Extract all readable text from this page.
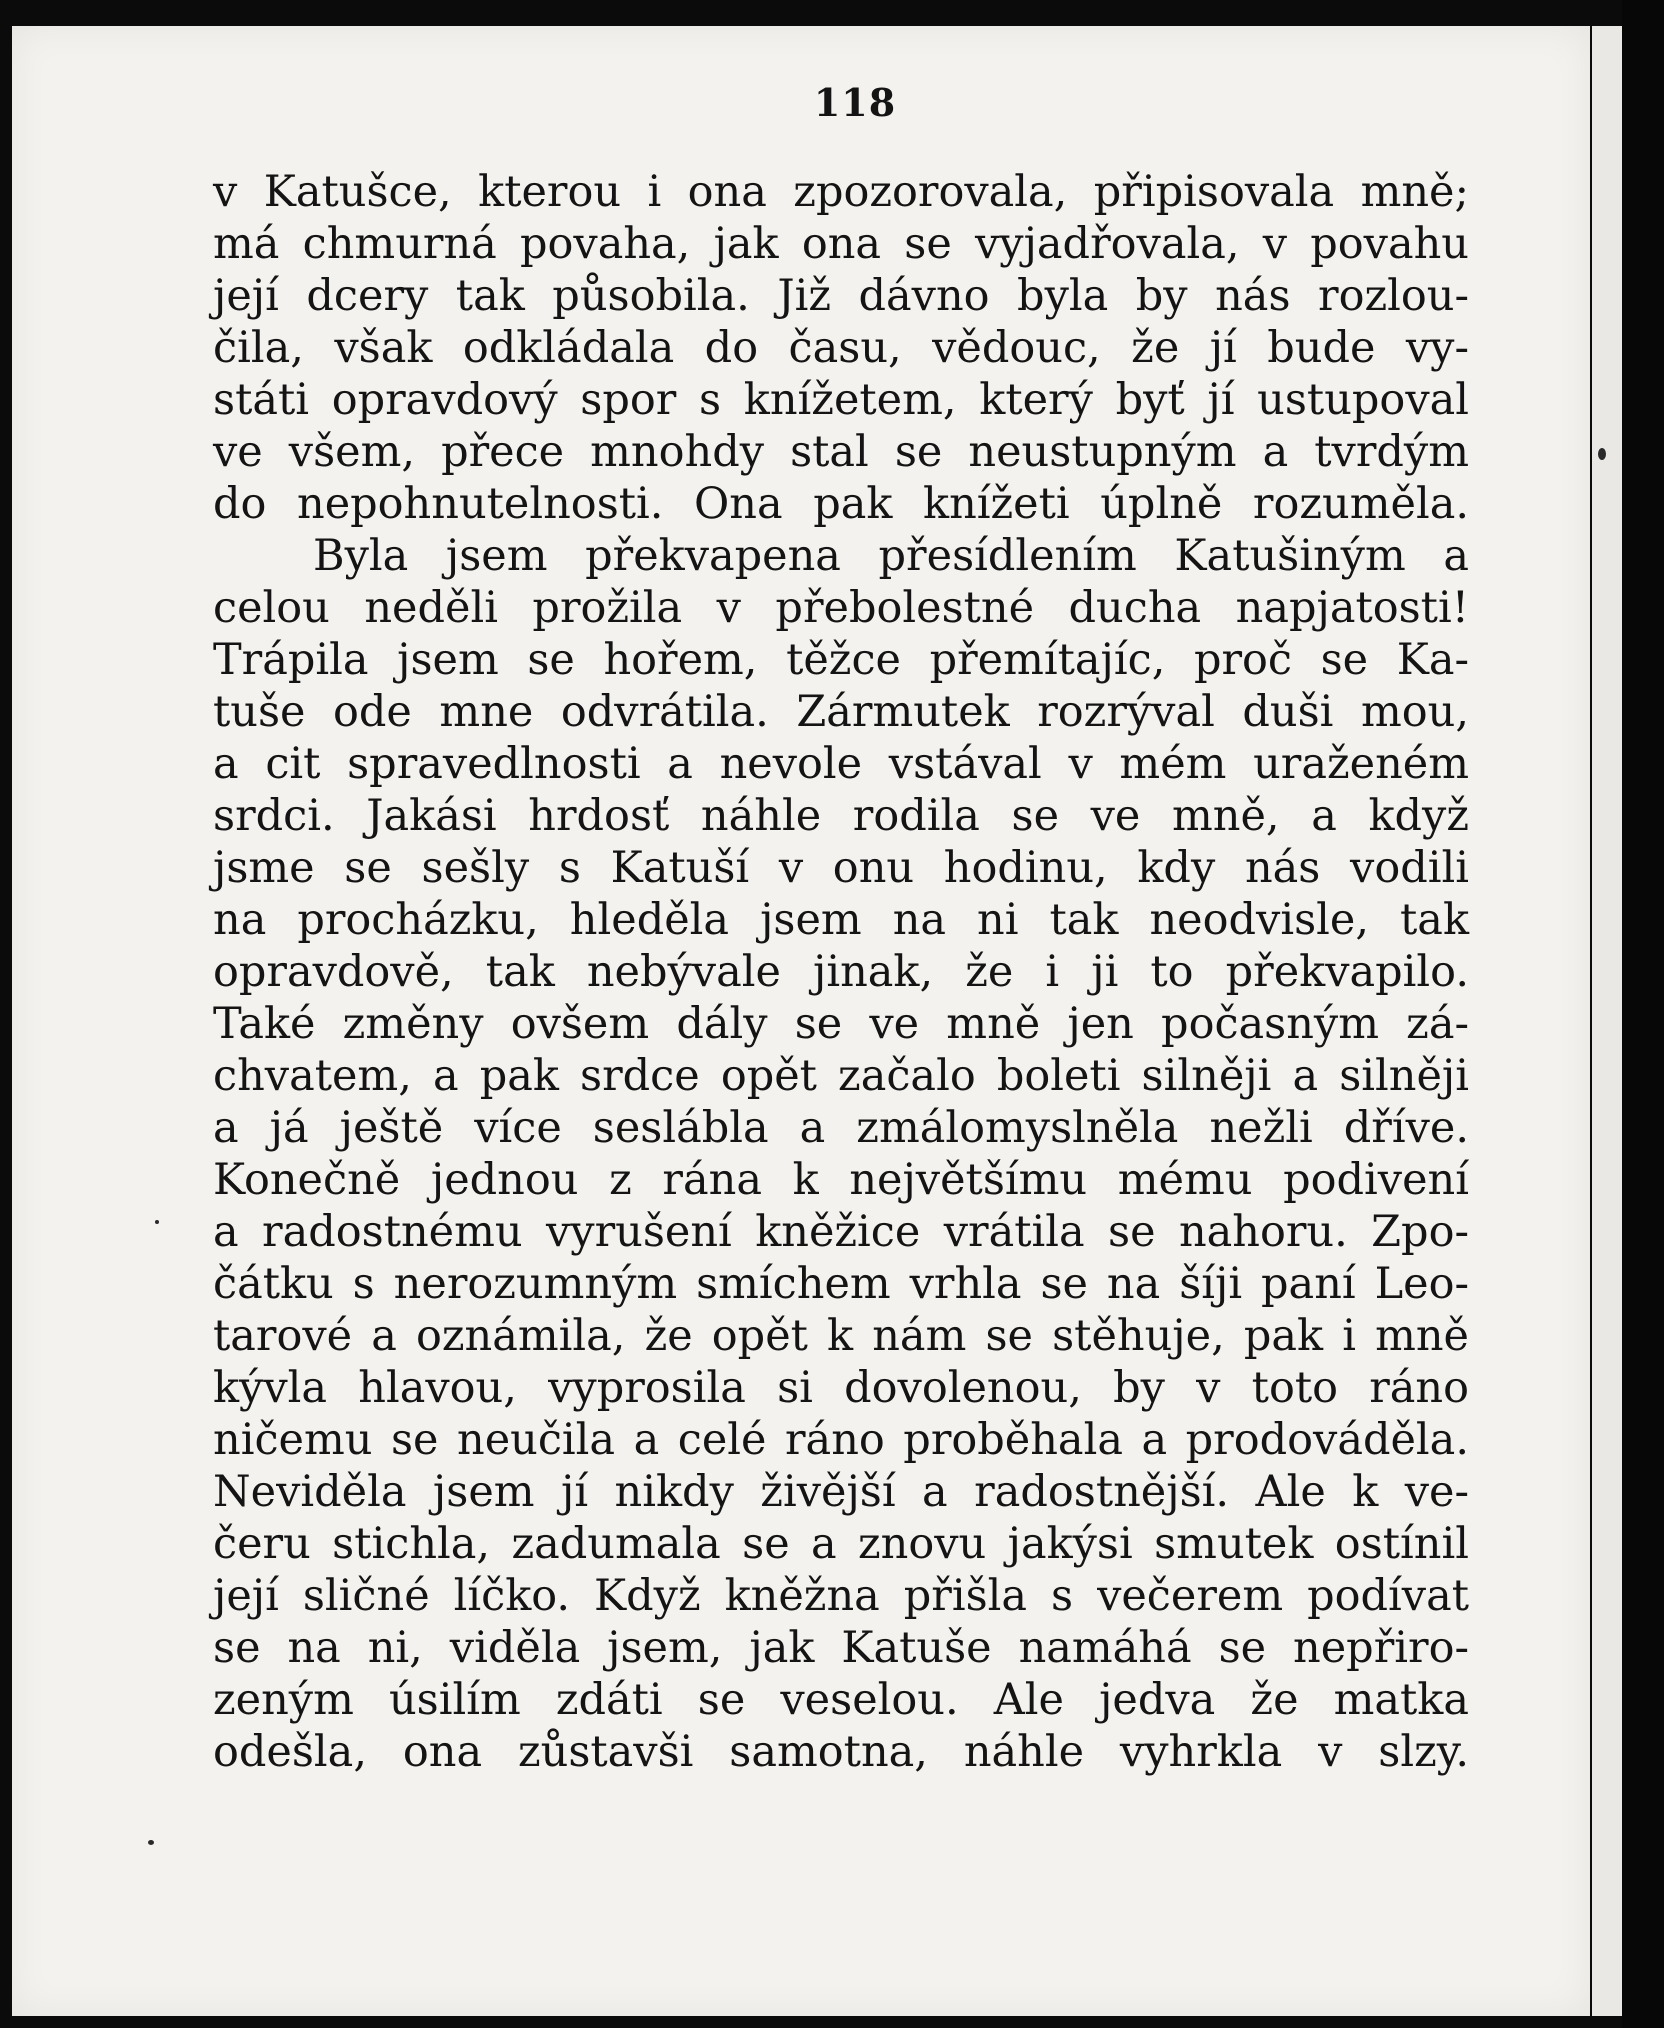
118
v Katušce, kterou i ona zpozorovala, připisovala mně;
má chmurná povaha, jak ona se vyjadřovala, v povahu
její dcery tak působila. Již dávno byla by nás rozlou-
čila, však odkládala do času, vědouc, že jí bude vy-
státi opravdový spor s knížetem, který byť jí ustupoval
ve všem, přece mnohdy stal se neustupným a tvrdým
do nepohnutelnosti. Ona pak knížeti úplně rozuměla.
Byla jsem překvapena přesídlením Katušiným a
celou neděli prožila v přebolestné ducha napjatosti!
Trápila jsem se hořem, těžce přemítajíc, proč se Ka-
tuše ode mne odvrátila. Zármutek rozrýval duši mou,
a cit spravedlnosti a nevole vstával v mém uraženém
srdci. Jakási hrdosť náhle rodila se ve mně, a když
jsme se sešly s Katuší v onu hodinu, kdy nás vodili
na procházku, hleděla jsem na ni tak neodvisle, tak
opravdově, tak nebývale jinak, že i ji to překvapilo.
Také změny ovšem dály se ve mně jen počasným zá-
chvatem, a pak srdce opět začalo boleti silněji a silněji
a já ještě více seslábla a zmálomyslněla nežli dříve.
Konečně jednou z rána k největšímu mému podivení
a radostnému vyrušení kněžice vrátila se nahoru. Zpo-
čátku s nerozumným smíchem vrhla se na šíji paní Leo-
tarové a oznámila, že opět k nám se stěhuje, pak i mně
kývla hlavou, vyprosila si dovolenou, by v toto ráno
ničemu se neučila a celé ráno proběhala a prodováděla.
Neviděla jsem jí nikdy živější a radostnější. Ale k ve-
čeru stichla, zadumala se a znovu jakýsi smutek ostínil
její sličné líčko. Když kněžna přišla s večerem podívat
se na ni, viděla jsem, jak Katuše namáhá se nepřiro-
zeným úsilím zdáti se veselou. Ale jedva že matka
odešla, ona zůstavši samotna, náhle vyhrkla v slzy.
